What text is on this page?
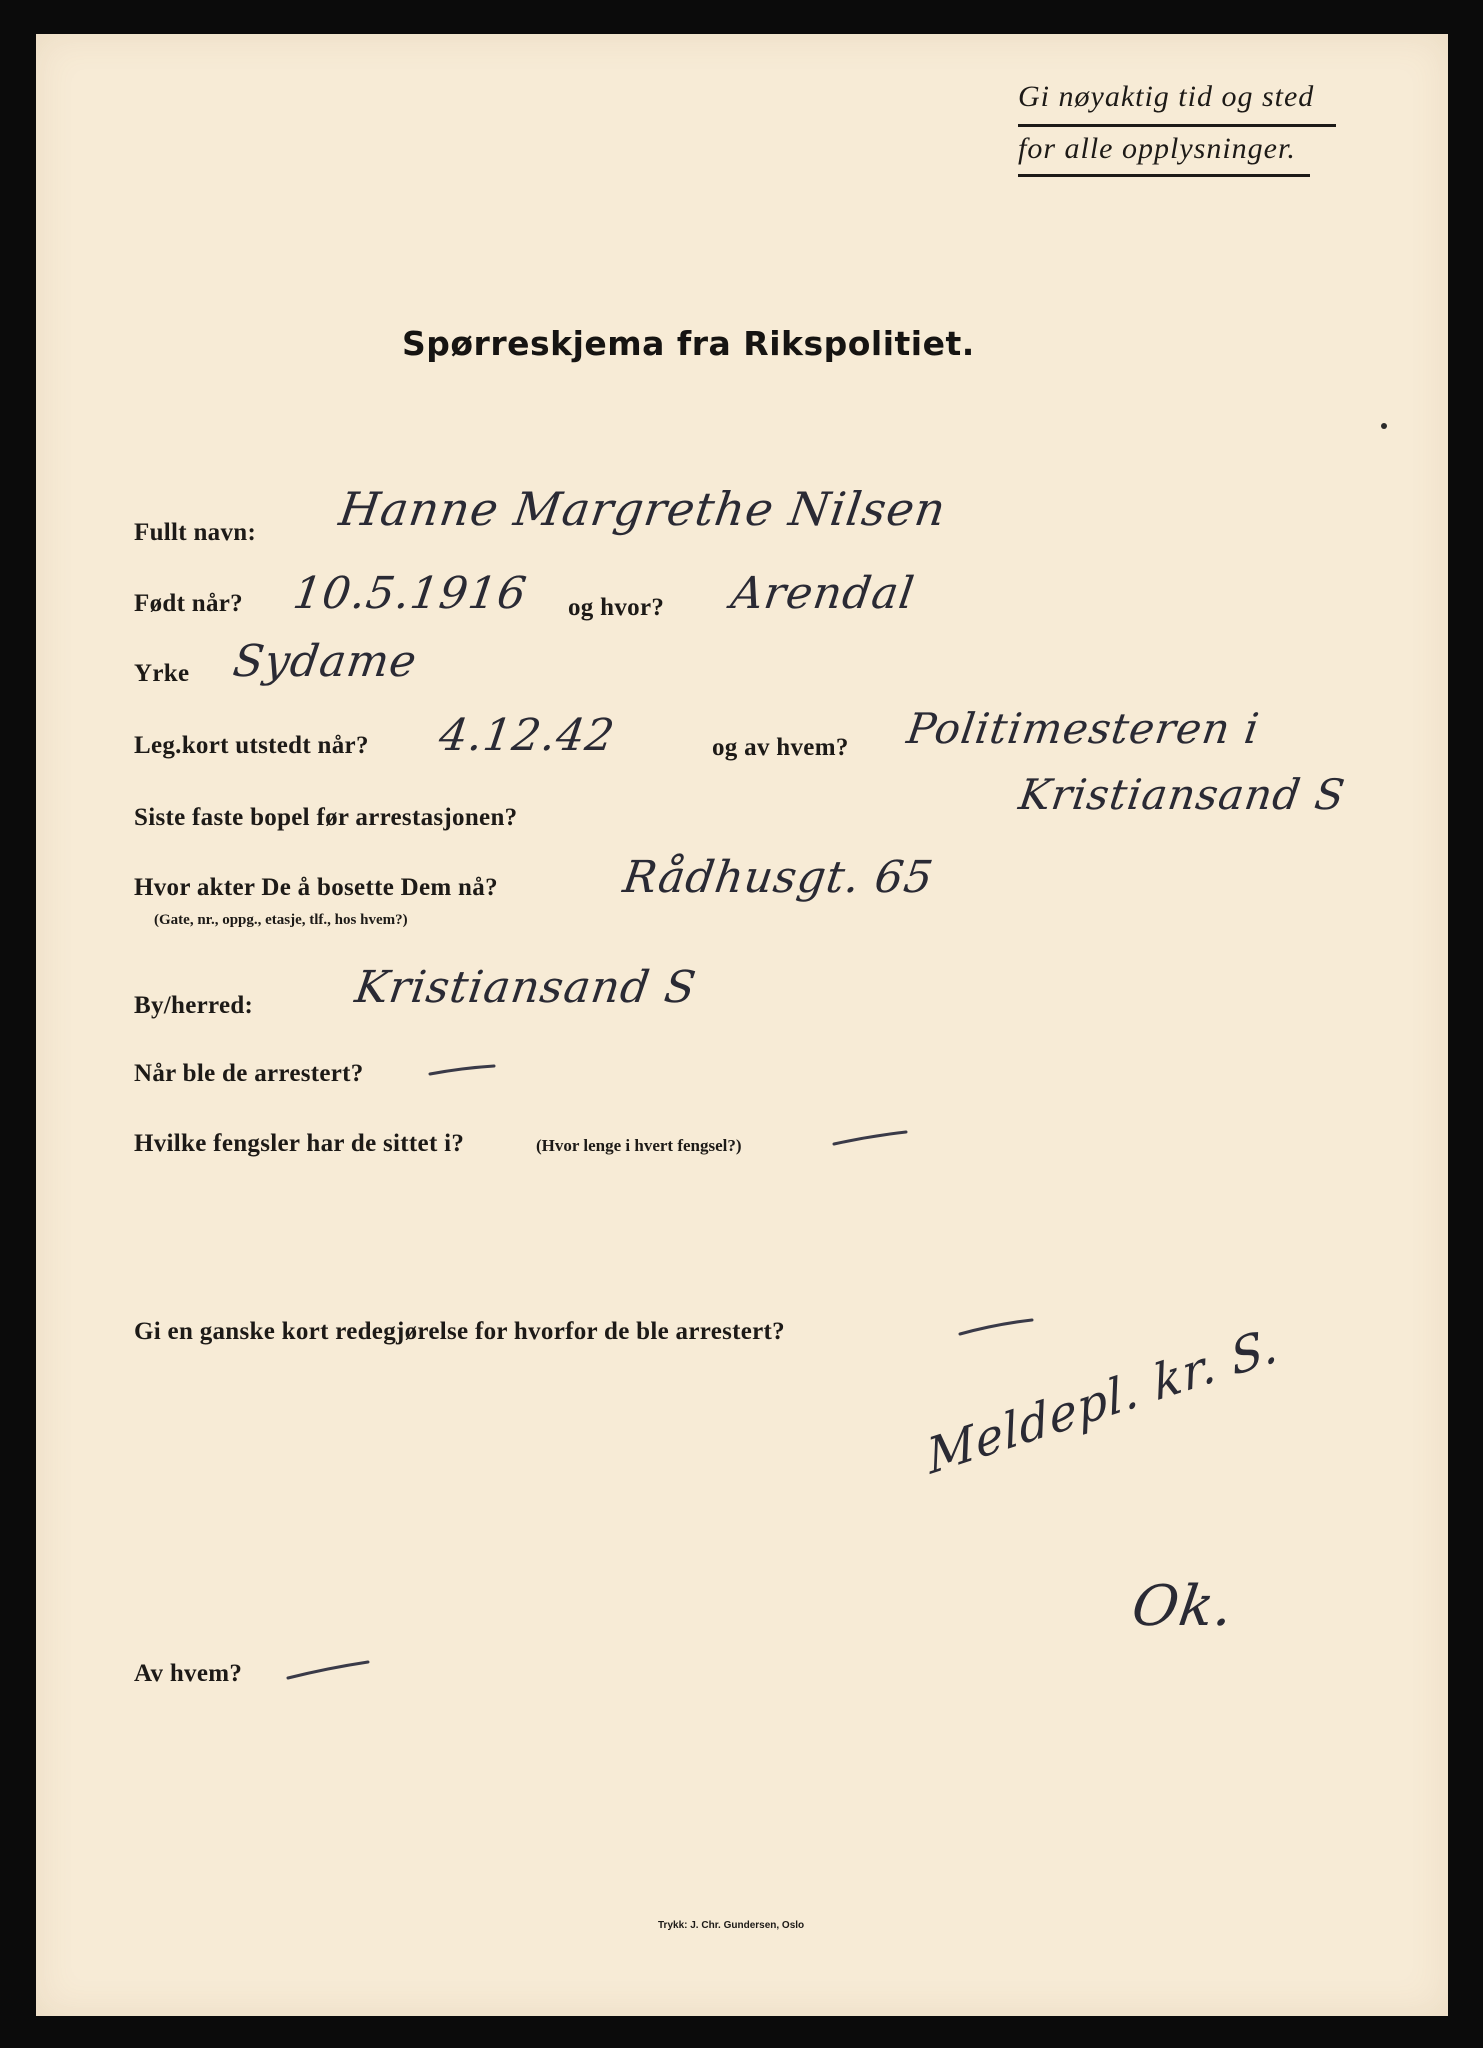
Gi nøyaktig tid og sted
for alle opplysninger.
Spørreskjema fra Rikspolitiet.
Fullt navn: Hanne Margrethe Nilsen
Født når? 10.5.1916 og hvor? Arendal
Yrke Sydame
Leg.kort utstedt når? 4.12.42	og av hvem? Politimesteren i
Kristiansand S
Siste faste bopel før arrestasjonen?
Hvor akter De å bosette Dem nå?
(Gate, nr., oppg., etasje, tlf., hos hvem?)
Rådhusgt. 65
By/herred: Kristiansand S
Når ble de arrestert?
Hvilke fengsler har de sittet i?	(Hvor lenge i hvert fengsel?)
Gi en ganske kort redegjørelse for hvorfor de ble arrestert?	Meldepl. kr. S.
Ok.
Av hvem?
Trykk: J. Chr. Gundersen, Oslo
